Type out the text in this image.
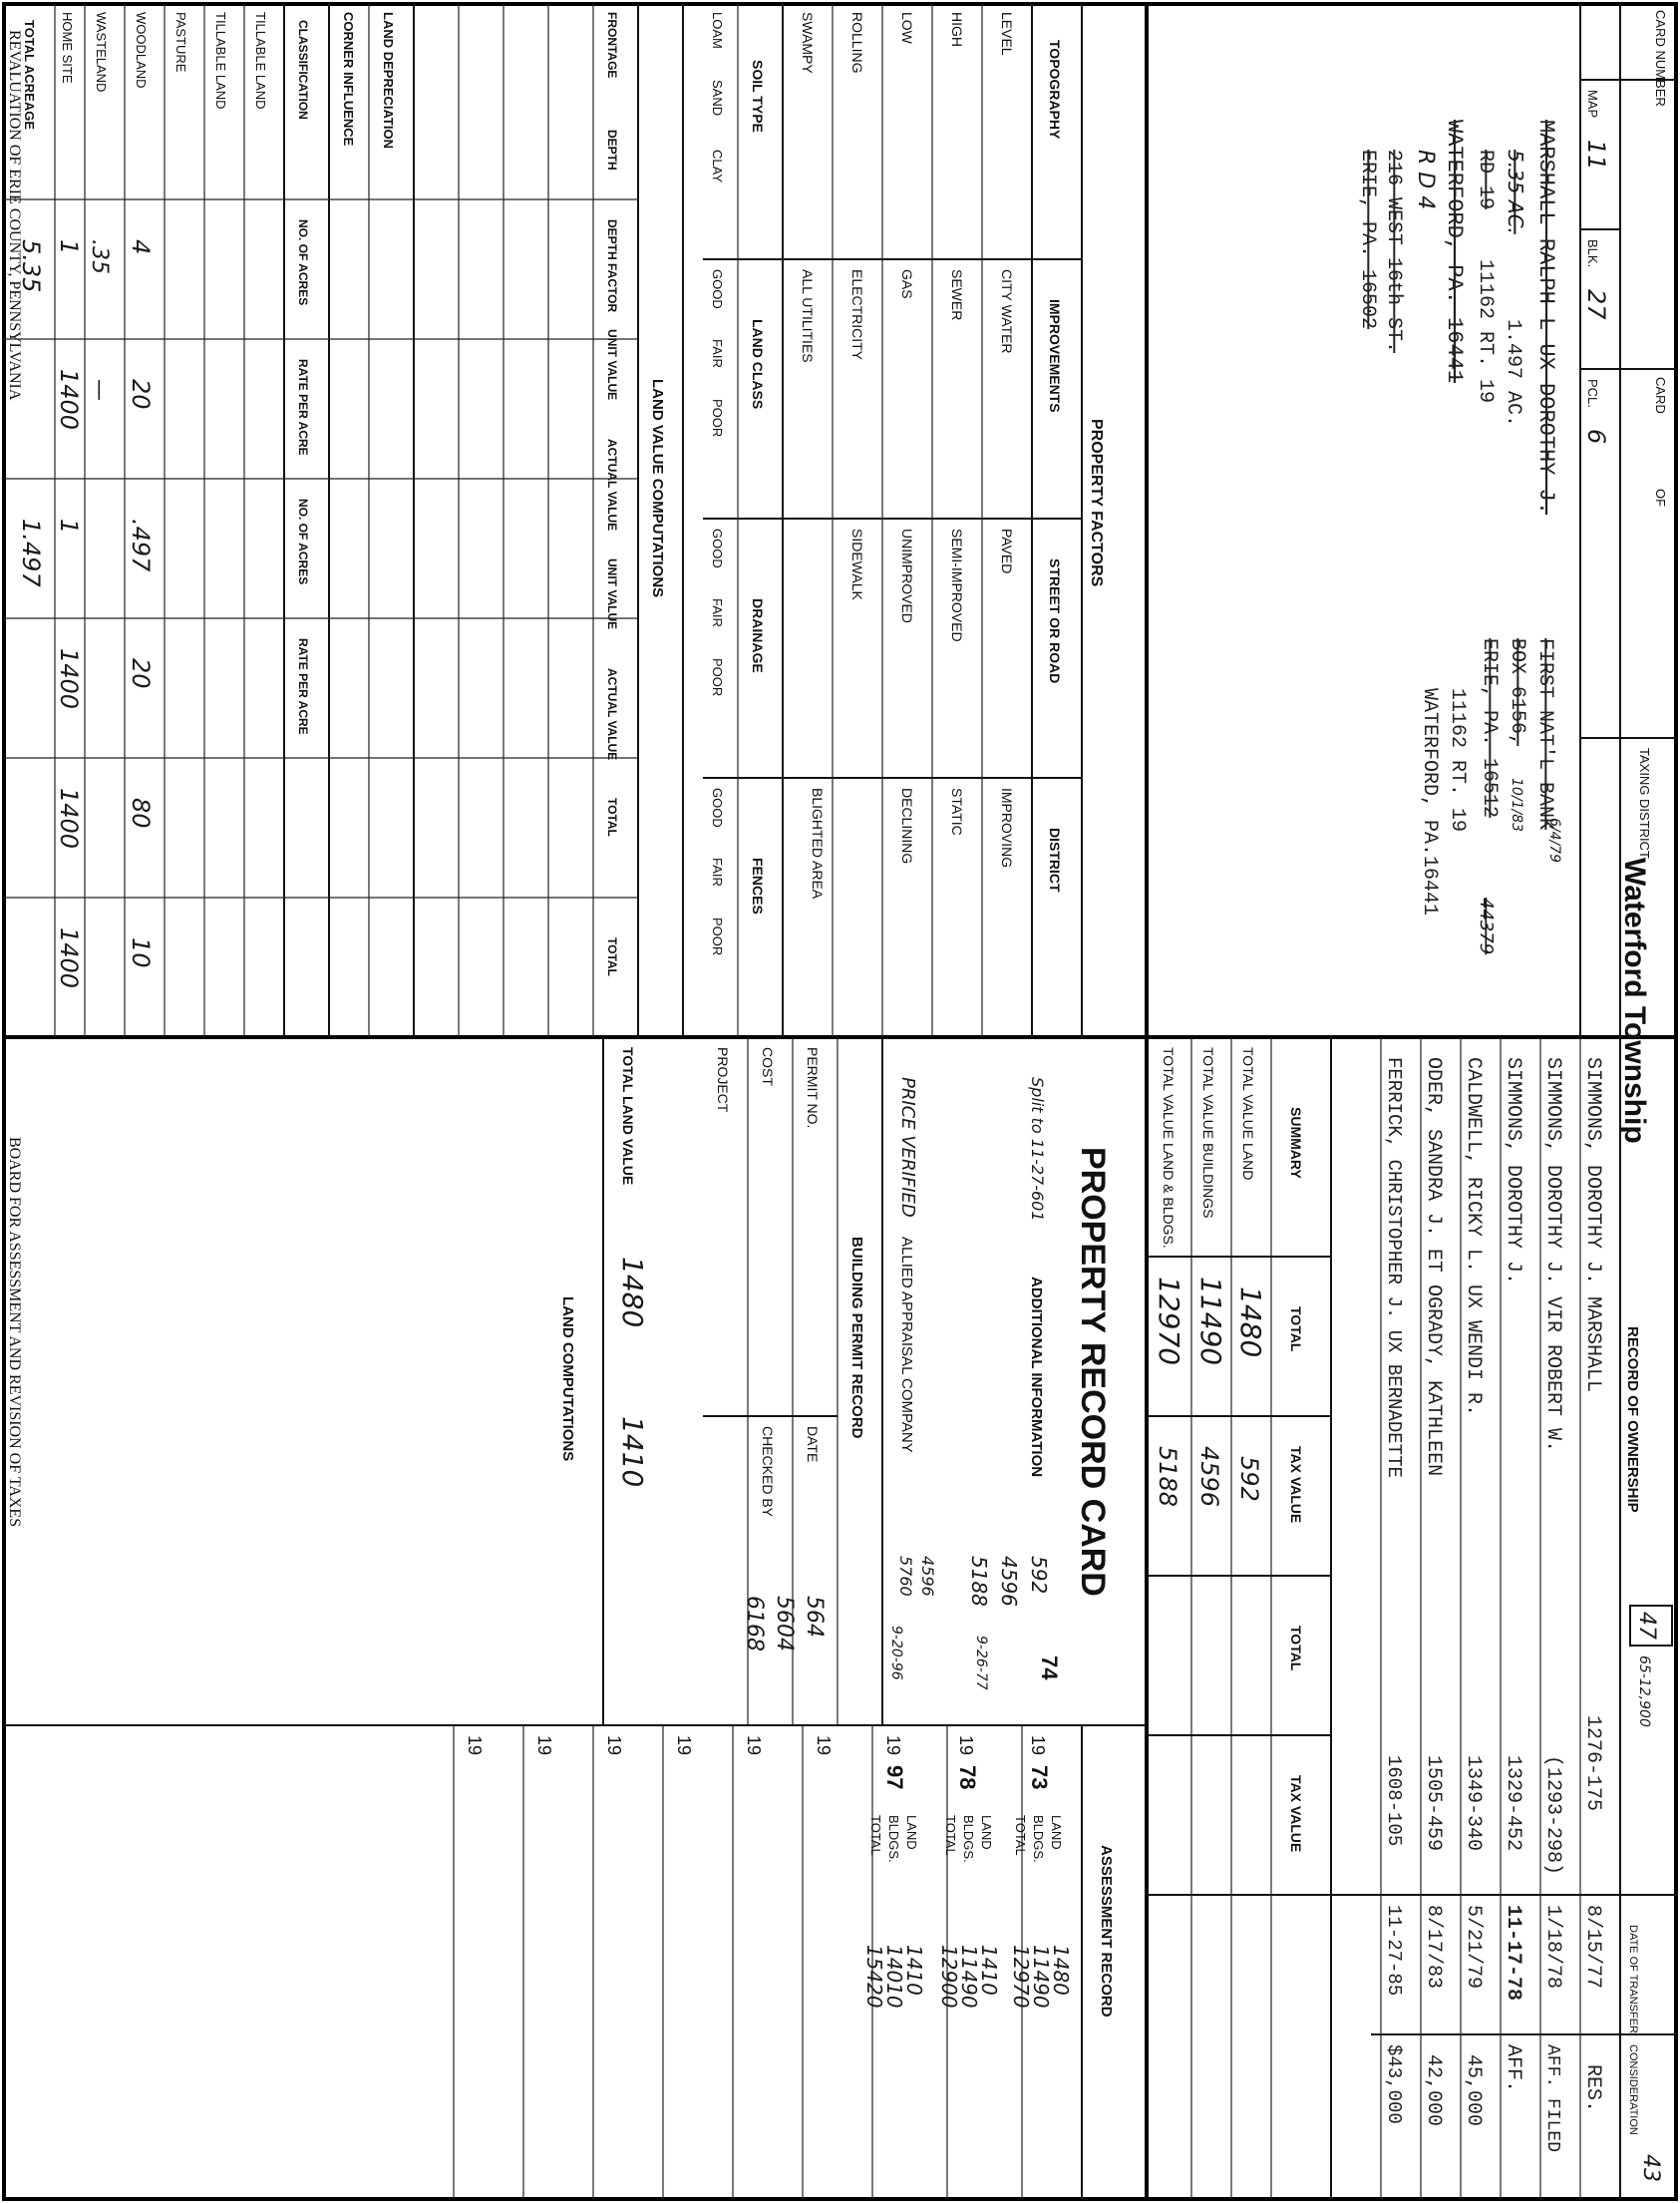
CARD NUMBER
MAP
11
BLK.
27
CARD
OF
PCL.
6
TAXING DISTRICT
Waterford Township
MARSHALL RALPH L UX DOROTHY J.
5.35 AC.
1.497 AC.
RD 19
11162 RT. 19
WATERFORD, PA. 16441
R D 4
216 WEST 16th ST.
ERIE, PA. 16502
FIRST NAT'L BANK
6/4/79
BOX 6156,
10/1/83
ERIE, PA. 16512
11162 RT. 19
WATERFORD, PA.16441
44379
47
43
RECORD OF OWNERSHIP
65-12,900
DATE OF TRANSFER
CONSIDERATION
SIMMONS, DOROTHY J. MARSHALL
1276-175
8/15/77
RES.
SIMMONS, DOROTHY J. VIR ROBERT W.
(1293-298)
1/18/78
AFF. FILED
SIMMONS, DOROTHY J.
1329-452
11-17-78
AFF.
CALDWELL, RICKY L. UX WENDI R.
1349-340
5/21/79
45,000
ODER, SANDRA J. ET OGRADY, KATHLEEN
1505-459
8/17/83
42,000
FERRICK, CHRISTOPHER J. UX BERNADETTE
1608-105
11-27-85
$43,000
SUMMARY
TOTAL
TAX VALUE
TOTAL
TAX VALUE
TOTAL VALUE LAND
1480
592
TOTAL VALUE BUILDINGS
11490
4596
TOTAL VALUE LAND & BLDGS.
12970
5188
PROPERTY FACTORS
TOPOGRAPHY
IMPROVEMENTS
STREET OR ROAD
DISTRICT
LEVEL
HIGH
LOW
ROLLING
SWAMPY
CITY WATER
SEWER
GAS
ELECTRICITY
ALL UTILITIES
PAVED
SEMI-IMPROVED
UNIMPROVED
SIDEWALK
IMPROVING
STATIC
DECLINING
BLIGHTED AREA
SOIL TYPE
LAND CLASS
DRAINAGE
FENCES
LOAM
SAND
CLAY
GOOD
FAIR
POOR
GOOD
FAIR
POOR
GOOD
FAIR
POOR
PROPERTY RECORD CARD
Split to 11-27-601
ADDITIONAL INFORMATION
PRICE VERIFIED
ALLIED APPRAISAL COMPANY
592
4596
5188
4596
5760
BUILDING PERMIT RECORD
PERMIT NO.
COST
PROJECT
DATE
CHECKED BY
564
5604
6168
ASSESSMENT RECORD
19
73
74
LAND
BLDGS.
TOTAL
1480
11490
12970
19
78
9-26-77
LAND
BLDGS.
TOTAL
1410
11490
12900
19
97
9-20-96
LAND
BLDGS.
TOTAL
1410
14010
15420
19
19
19
19
19
19
LAND VALUE COMPUTATIONS
FRONTAGE
DEPTH
DEPTH FACTOR
UNIT VALUE
ACTUAL VALUE
UNIT VALUE
ACTUAL VALUE
TOTAL
TOTAL
LAND DEPRECIATION
CORNER INFLUENCE
CLASSIFICATION
NO. OF ACRES
RATE PER ACRE
NO. OF ACRES
RATE PER ACRE
TILLABLE LAND
TILLABLE LAND
PASTURE
WOODLAND
4
20
.497
20
80
10
WASTELAND
.35
—
HOME SITE
1
1400
1
1400
1400
1400
TOTAL ACREAGE
5.35
1.497
TOTAL LAND VALUE
1480
1410
LAND COMPUTATIONS
REVALUATION OF ERIE COUNTY, PENNSYLVANIA
BOARD FOR ASSESSMENT AND REVISION OF TAXES
